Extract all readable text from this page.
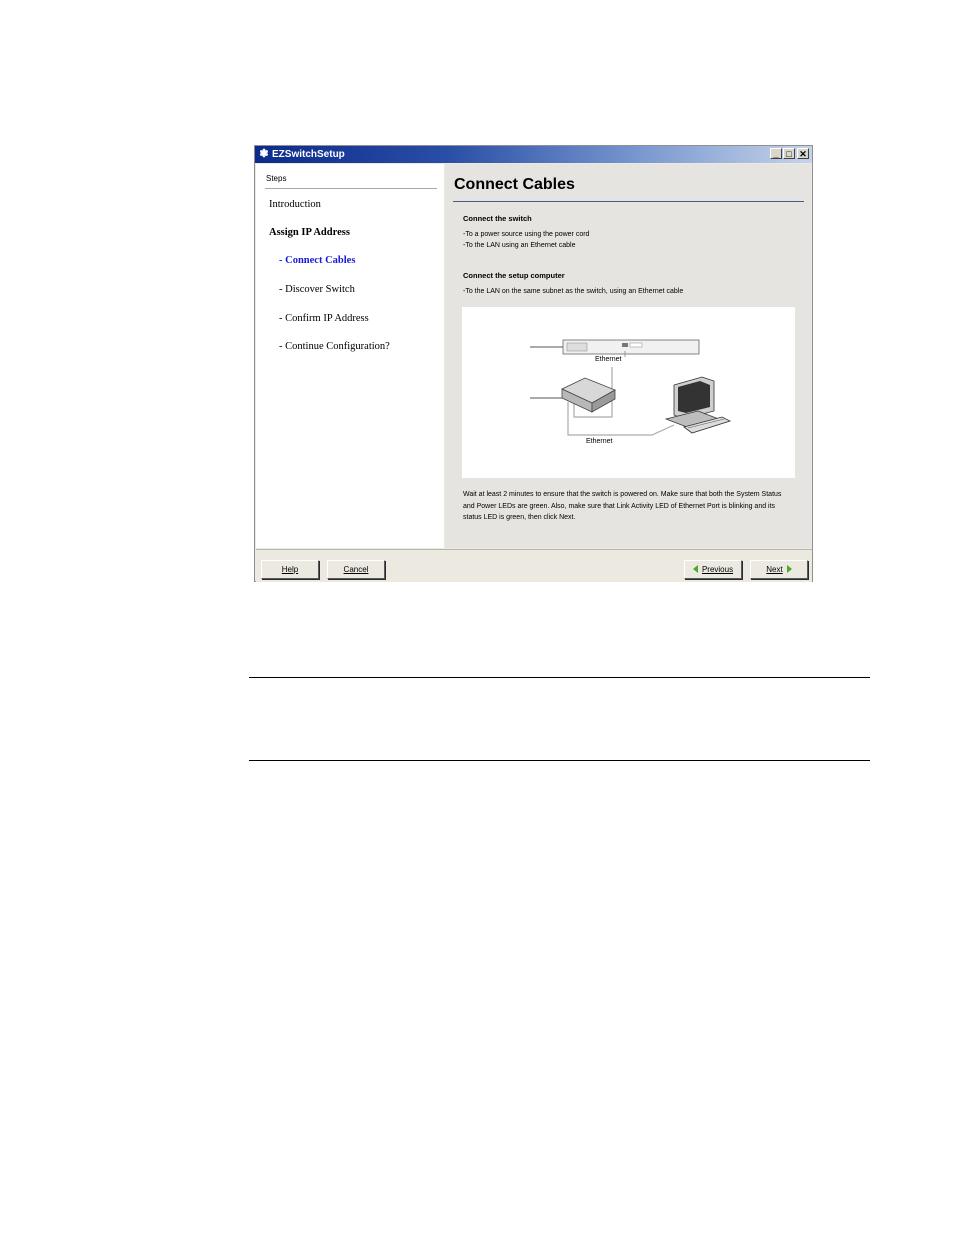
❃ EZSwitchSetup	_ □ ✕
Steps
Introduction
Assign IP Address
- Connect Cables
- Discover Switch
- Confirm IP Address
- Continue Configuration?
Connect Cables
Connect the switch
-To a power source using the power cord
-To the LAN using an Ethernet cable
Connect the setup computer
-To the LAN on the same subnet as the switch, using an Ethernet cable
Ethernet
Ethernet
Wait at least 2 minutes to ensure that the switch is powered on. Make sure that both the System Status and Power LEDs are green. Also, make sure that Link Activity LED of Ethernet Port is blinking and its status LED is green, then click Next.
Help	Cancel	Previous	Next
